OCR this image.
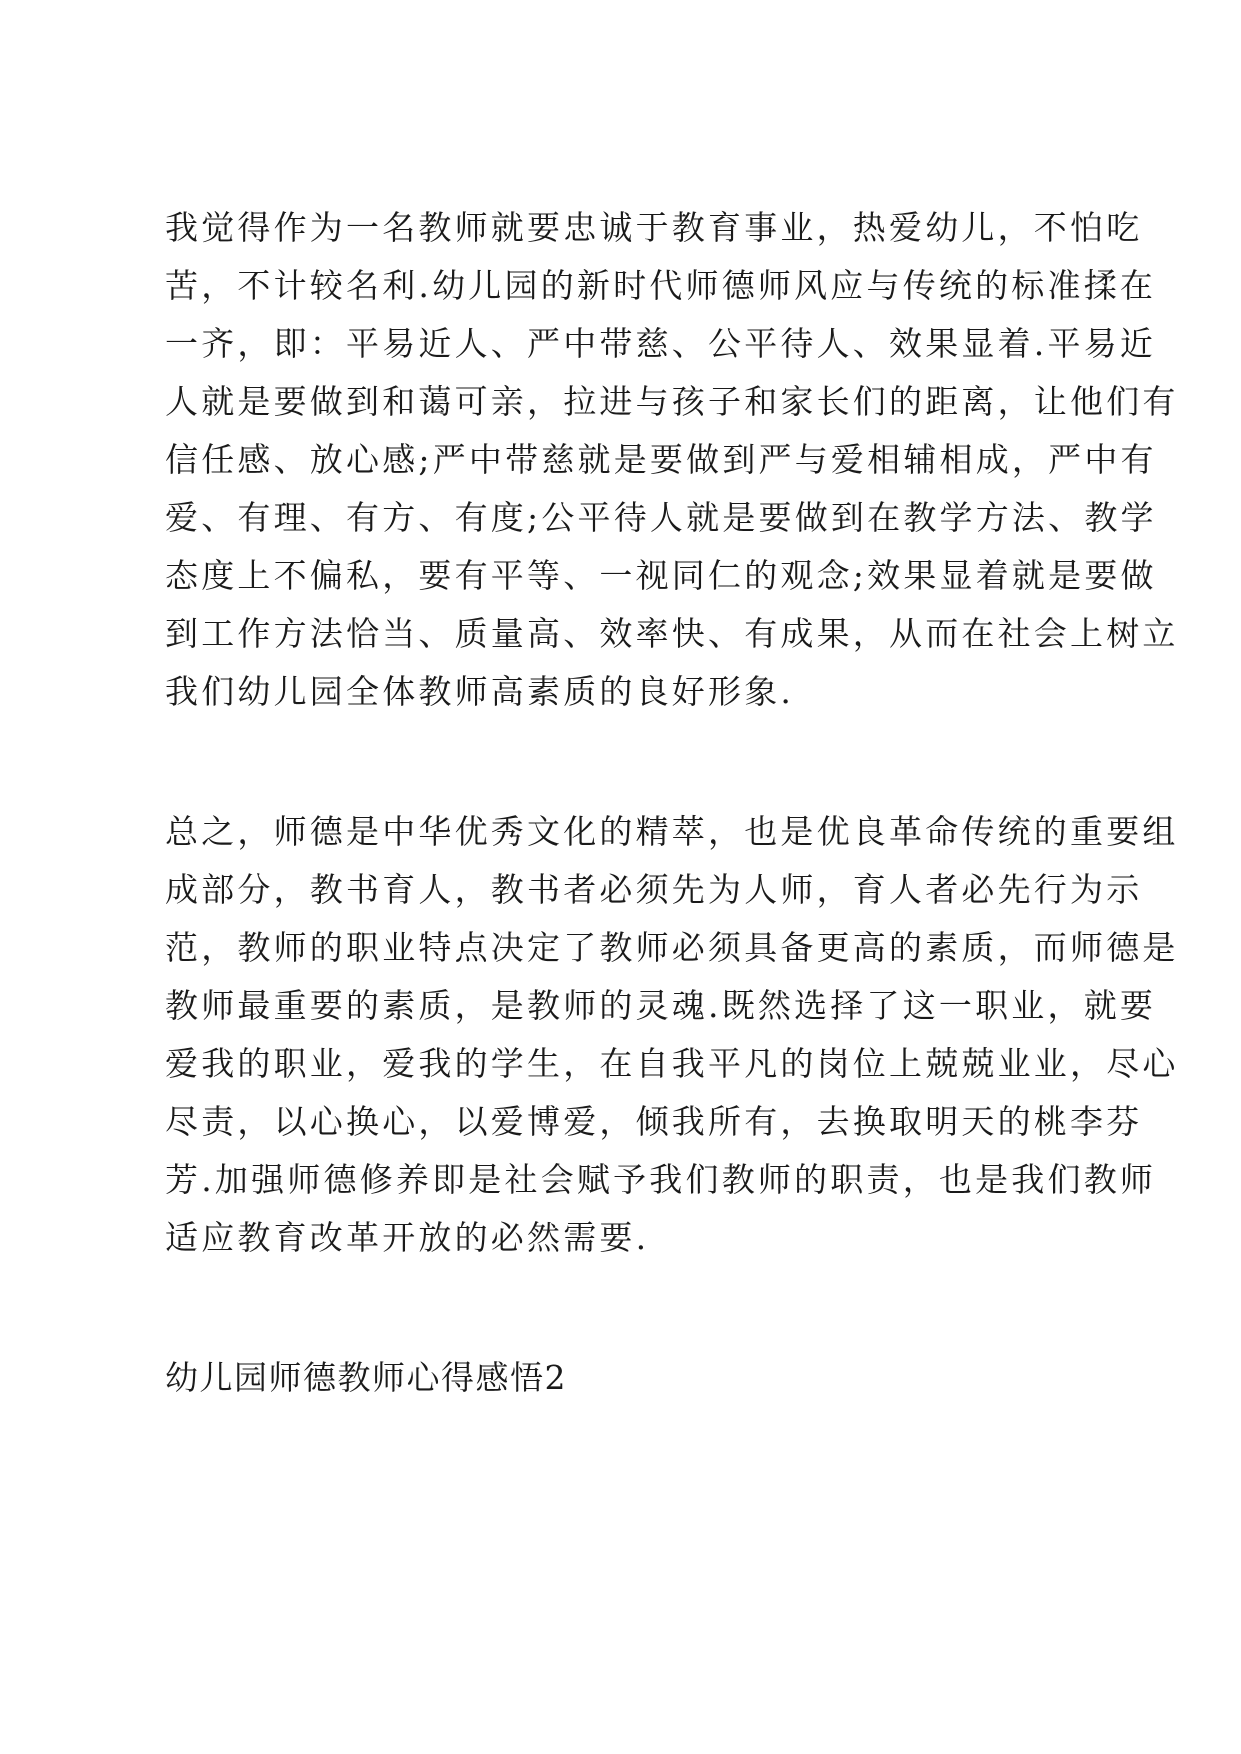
我觉得作为一名教师就要忠诚于教育事业，热爱幼儿，不怕吃
苦，不计较名利.幼儿园的新时代师德师风应与传统的标准揉在
一齐，即：平易近人、严中带慈、公平待人、效果显着.平易近
人就是要做到和蔼可亲，拉进与孩子和家长们的距离，让他们有
信任感、放心感;严中带慈就是要做到严与爱相辅相成，严中有
爱、有理、有方、有度;公平待人就是要做到在教学方法、教学
态度上不偏私，要有平等、一视同仁的观念;效果显着就是要做
到工作方法恰当、质量高、效率快、有成果，从而在社会上树立
我们幼儿园全体教师高素质的良好形象.
总之，师德是中华优秀文化的精萃，也是优良革命传统的重要组
成部分，教书育人，教书者必须先为人师，育人者必先行为示
范，教师的职业特点决定了教师必须具备更高的素质，而师德是
教师最重要的素质，是教师的灵魂.既然选择了这一职业，就要
爱我的职业，爱我的学生，在自我平凡的岗位上兢兢业业，尽心
尽责，以心换心，以爱博爱，倾我所有，去换取明天的桃李芬
芳.加强师德修养即是社会赋予我们教师的职责，也是我们教师
适应教育改革开放的必然需要.
幼儿园师德教师心得感悟2
